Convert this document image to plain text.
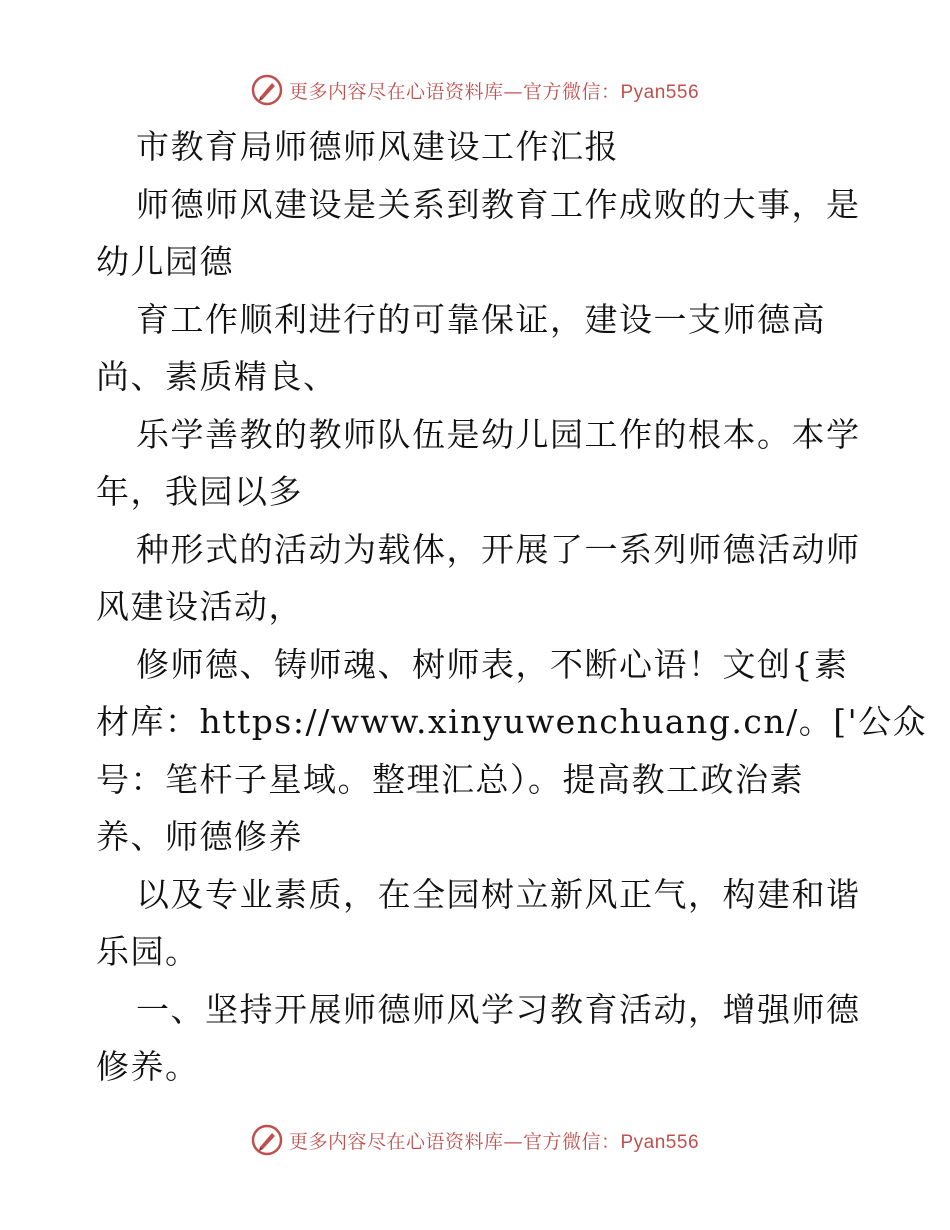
更多内容尽在心语资料库—官方微信：Pyan556
市教育局师德师风建设工作汇报
师德师风建设是关系到教育工作成败的大事，是
幼儿园德
育工作顺利进行的可靠保证，建设一支师德高
尚、素质精良、
乐学善教的教师队伍是幼儿园工作的根本。本学
年，我园以多
种形式的活动为载体，开展了一系列师德活动师
风建设活动，
修师德、铸师魂、树师表，不断心语！文创{素
材库：https://www.xinyuwenchuang.cn/。['公众
号：笔杆子星域。整理汇总）。提高教工政治素
养、师德修养
以及专业素质，在全园树立新风正气，构建和谐
乐园。
一、坚持开展师德师风学习教育活动，增强师德
修养。
更多内容尽在心语资料库—官方微信：Pyan556
